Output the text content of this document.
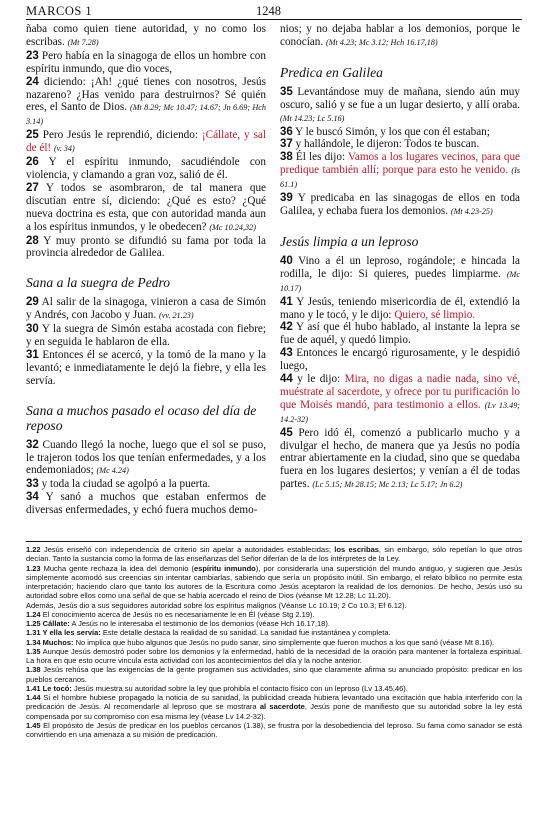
MARCOS 1	1248

ñaba como quien tiene autoridad, y no como los escribas. (Mt 7.28)

23 Pero había en la sinagoga de ellos un hombre con espíritu inmundo, que dio voces,

24 diciendo: ¡Ah! ¿qué tienes con nosotros, Jesús nazareno? ¿Has venido para destruirnos? Sé quién eres, el Santo de Dios. (Mt 8.29; Mc 10.47; 14.67; Jn 6.69; Hch 3.14)

25 Pero Jesús le reprendió, diciendo: ¡Cállate, y sal de él! (v. 34)

26 Y el espíritu inmundo, sacudiéndole con violencia, y clamando a gran voz, salió de él.

27 Y todos se asombraron, de tal manera que discutían entre sí, diciendo: ¿Qué es esto? ¿Qué nueva doctrina es esta, que con autoridad manda aun a los espíritus inmundos, y le obedecen? (Mc 10.24,32)

28 Y muy pronto se difundió su fama por toda la provincia alrededor de Galilea.

Sana a la suegra de Pedro

29 Al salir de la sinagoga, vinieron a casa de Simón y Andrés, con Jacobo y Juan. (vv. 21.23)

30 Y la suegra de Simón estaba acostada con fiebre; y en seguida le hablaron de ella.

31 Entonces él se acercó, y la tomó de la mano y la levantó; e inmediatamente le dejó la fiebre, y ella les servía.

Sana a muchos pasado el ocaso del día de reposo

32 Cuando llegó la noche, luego que el sol se puso, le trajeron todos los que tenían enfermedades, y a los endemoniados; (Mc 4.24)

33 y toda la ciudad se agolpó a la puerta.

34 Y sanó a muchos que estaban enfermos de diversas enfermedades, y echó fuera muchos demo-

nios; y no dejaba hablar a los demonios, porque le conocían. (Mt 4.23; Mc 3.12; Hch 16.17,18)

Predica en Galilea

35 Levantándose muy de mañana, siendo aún muy oscuro, salió y se fue a un lugar desierto, y allí oraba. (Mt 14.23; Lc 5.16)

36 Y le buscó Simón, y los que con él estaban;

37 y hallándole, le dijeron: Todos te buscan.

38 Él les dijo: Vamos a los lugares vecinos, para que predique también allí; porque para esto he venido. (Is 61.1)

39 Y predicaba en las sinagogas de ellos en toda Galilea, y echaba fuera los demonios. (Mt 4.23-25)

Jesús limpia a un leproso

40 Vino a él un leproso, rogándole; e hincada la rodilla, le dijo: Si quieres, puedes limpiarme. (Mc 10.17)

41 Y Jesús, teniendo misericordia de él, extendió la mano y le tocó, y le dijo: Quiero, sé limpio.

42 Y así que él hubo hablado, al instante la lepra se fue de aquél, y quedó limpio.

43 Entonces le encargó rigurosamente, y le despidió luego,

44 y le dijo: Mira, no digas a nadie nada, sino vé, muéstrate al sacerdote, y ofrece por tu purificación lo que Moisés mandó, para testimonio a ellos. (Lv 13.49; 14.2-32)

45 Pero idó él, comenzó a publicarlo mucho y a divulgar el hecho, de manera que ya Jesús no podía entrar abiertamente en la ciudad, sino que se quedaba fuera en los lugares desiertos; y venían a él de todas partes. (Lc 5.15; Mt 28.15; Mc 2.13; Lc 5.17; Jn 6.2)

1.22 Jesús enseñó con independencia de criterio sin apelar a autoridades establecidas; los escribas, sin embargo, sólo repetían lo que otros decían. Tanto la sustancia como la forma de las enseñanzas del Señor diferían de la de los intérpretes de la Ley.

1.23 Mucha gente rechaza la idea del demonio (espíritu inmundo), por considerarla una superstición del mundo antiguo, y sugieren que Jesús simplemente acomodó sus creencias sin intentar cambiarlas, sabiendo que sería un propósito inútil. Sin embargo, el relato bíblico no permite esta interpretación; haciendo claro que tanto los autores de la Escritura como Jesús aceptaron la realidad de los demonios. De hecho, Jesús usó su autoridad sobre ellos como una señal de que se había acercado el reino de Dios (véanse Mt 12.28; Lc 11.20).

Además, Jesús dio a sus seguidores autoridad sobre los espíritus malignos (Véanse Lc 10.19; 2 Co 10.3; Ef 6.12).

1.24 El conocimiento acerca de Jesús no es necesariamente le en Él (véase Stg 2.19).

1.25 Cállate: A Jesús no le interesaba el testimonio de los demonios (véase Hch 16.17,18).

1.31 Y ella les servía: Este detalle destaca la realidad de su sanidad. La sanidad fue instantánea y completa.

1.34 Muchos: No implica que hubo algunos que Jesús no pudo sanar, sino simplemente que fueron muchos a los que sanó (véase Mt 8.16).

1.35 Aunque Jesús demostró poder sobre los demonios y la enfermedad, habló de la necesidad de la oración para mantener la fortaleza espiritual. La hora en que esto ocurre vincula esta actividad con los acontecimientos del día y la noche anterior.

1.38 Jesús rehúsa que las exigencias de la gente programen sus actividades, sino que claramente afirma su anunciado propósito: predicar en los pueblos cercanos.

1.41 Le tocó: Jesús muestra su autoridad sobre la ley que prohibía el contacto físico con un leproso (Lv 13.45,46).

1.44 Si el hombre hubiese propagado la noticia de su sanidad, la publicidad creada hubiera levantado una excitación que había interferido con la predicación de Jesús. Al recomendarle al leproso que se mostrara al sacerdote, Jesús pone de manifiesto que su autoridad sobre la ley está compensada por su compromiso con esa misma ley (véase Lv 14.2-32).

1.45 El propósito de Jesús de predicar en los pueblos cercanos (1.38), se frustra por la desobediencia del leproso. Su fama como sanador se está convirtiendo en una amenaza a su misión de predicación.
